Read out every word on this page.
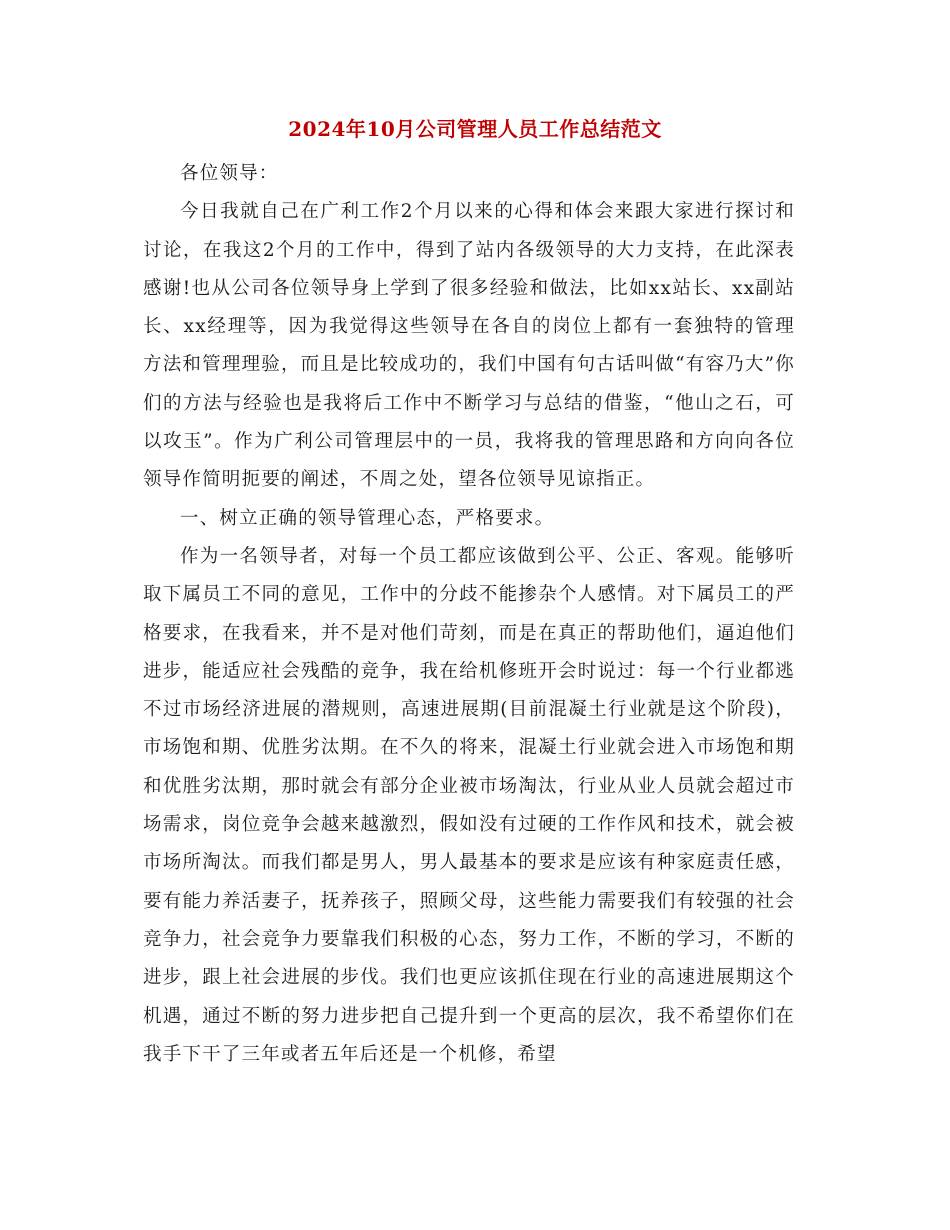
2024年10月公司管理人员工作总结范文

各位领导：

今日我就自己在广利工作2个月以来的心得和体会来跟大家进行探讨和讨论，在我这2个月的工作中，得到了站内各级领导的大力支持，在此深表感谢!也从公司各位领导身上学到了很多经验和做法，比如xx站长、xx副站长、xx经理等，因为我觉得这些领导在各自的岗位上都有一套独特的管理方法和管理理验，而且是比较成功的，我们中国有句古话叫做“有容乃大”你们的方法与经验也是我将后工作中不断学习与总结的借鉴，“他山之石，可以攻玉”。作为广利公司管理层中的一员，我将我的管理思路和方向向各位领导作简明扼要的阐述，不周之处，望各位领导见谅指正。

一、树立正确的领导管理心态，严格要求。

作为一名领导者，对每一个员工都应该做到公平、公正、客观。能够听取下属员工不同的意见，工作中的分歧不能掺杂个人感情。对下属员工的严格要求，在我看来，并不是对他们苛刻，而是在真正的帮助他们，逼迫他们进步，能适应社会残酷的竞争，我在给机修班开会时说过：每一个行业都逃不过市场经济进展的潜规则，高速进展期(目前混凝土行业就是这个阶段)，市场饱和期、优胜劣汰期。在不久的将来，混凝土行业就会进入市场饱和期和优胜劣汰期，那时就会有部分企业被市场淘汰，行业从业人员就会超过市场需求，岗位竞争会越来越激烈，假如没有过硬的工作作风和技术，就会被市场所淘汰。而我们都是男人，男人最基本的要求是应该有种家庭责任感，要有能力养活妻子，抚养孩子，照顾父母，这些能力需要我们有较强的社会竞争力，社会竞争力要靠我们积极的心态，努力工作，不断的学习，不断的进步，跟上社会进展的步伐。我们也更应该抓住现在行业的高速进展期这个机遇，通过不断的努力进步把自己提升到一个更高的层次，我不希望你们在我手下干了三年或者五年后还是一个机修，希望
